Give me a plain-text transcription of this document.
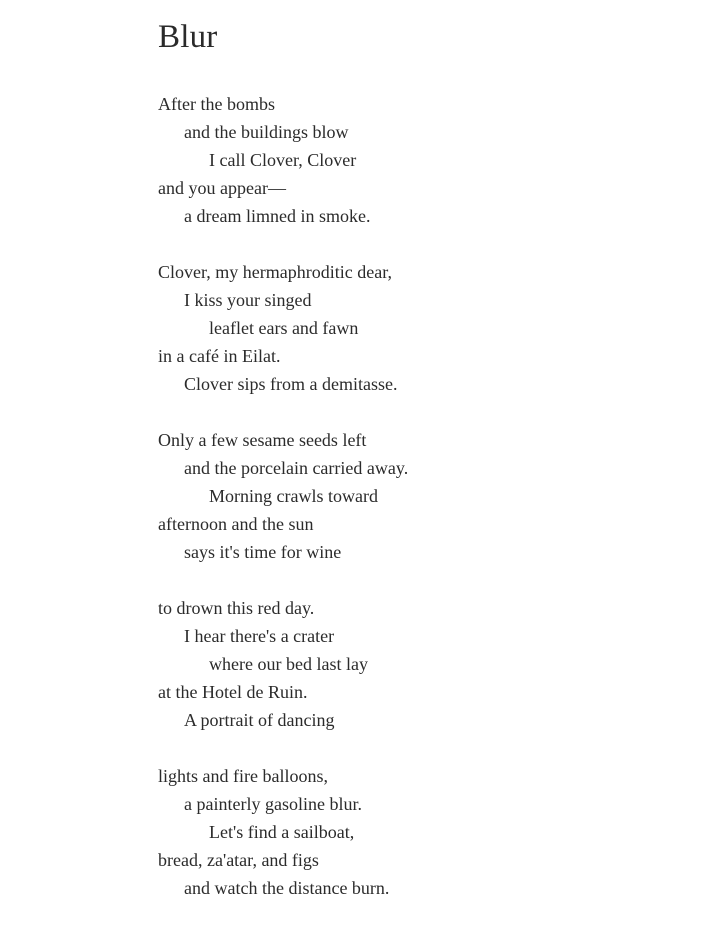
Blur
After the bombs
and the buildings blow
I call Clover, Clover
and you appear—
a dream limned in smoke.
Clover, my hermaphroditic dear,
I kiss your singed
leaflet ears and fawn
in a café in Eilat.
Clover sips from a demitasse.
Only a few sesame seeds left
and the porcelain carried away.
Morning crawls toward
afternoon and the sun
says it's time for wine
to drown this red day.
I hear there's a crater
where our bed last lay
at the Hotel de Ruin.
A portrait of dancing
lights and fire balloons,
a painterly gasoline blur.
Let's find a sailboat,
bread, za'atar, and figs
and watch the distance burn.
